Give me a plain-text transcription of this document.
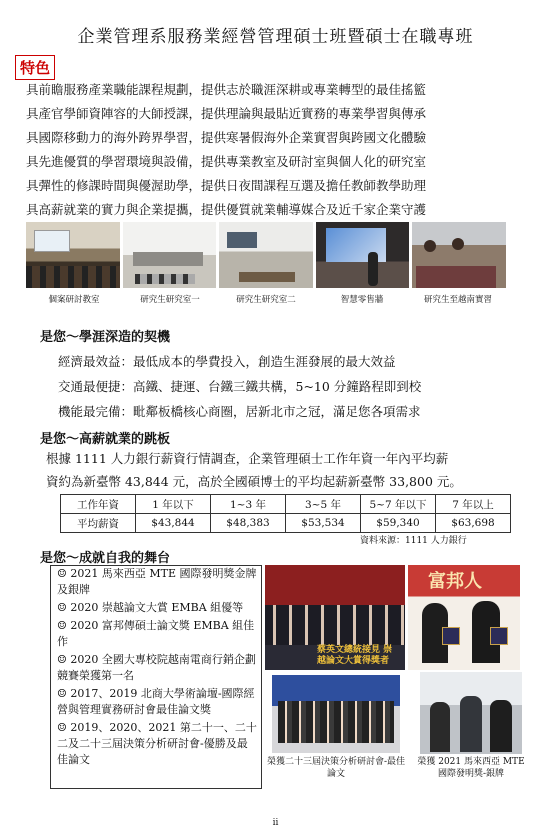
企業管理系服務業經營管理碩士班暨碩士在職專班
特色
具前瞻服務產業職能課程規劃，提供志於職涯深耕或專業轉型的最佳搖籃
具產官學師資陣容的大師授課，提供理論與最貼近實務的專業學習與傳承
具國際移動力的海外跨界學習，提供寒暑假海外企業實習與跨國文化體驗
具先進優質的學習環境與設備，提供專業教室及研討室與個人化的研究室
具彈性的修課時間與優渥助學，提供日夜間課程互選及擔任教師教學助理
具高薪就業的實力與企業提攜，提供優質就業輔導媒合及近千家企業守護
個案研討教室	研究生研究室一	研究生研究室二	智慧零售牆	研究生至越南實習
是您～學涯深造的契機
經濟最效益：最低成本的學費投入，創造生涯發展的最大效益
交通最便捷：高鐵、捷運、台鐵三鐵共構，5~10 分鐘路程即到校
機能最完備：毗鄰板橋核心商圈，居新北市之冠，滿足您各項需求
是您～高薪就業的跳板
根據 1111 人力銀行薪資行情調查，企業管理碩士工作年資一年內平均薪
資約為新臺幣 43,844 元，高於全國碩博士的平均起薪新臺幣 33,800 元。
工作年資	1 年以下	1~3 年	3~5 年	5~7 年以下	7 年以上
平均薪資	$43,844	$48,383	$53,534	$59,340	$63,698
資料來源：1111 人力銀行
是您～成就自我的舞台
☺ 2021 馬來西亞 MTE 國際發明獎金牌及銀牌
☺ 2020 崇越論文大賞 EMBA 組優等
☺ 2020 富邦傳碩士論文獎 EMBA 組佳作
☺ 2020 全國大專校院越南電商行銷企劃競賽榮獲第一名
☺ 2017、2019 北商大學術論壇-國際經營與管理實務研討會最佳論文獎
☺ 2019、2020、2021 第二十一、二十二及二十三屆決策分析研討會-優勝及最佳論文
蔡英文總統接見 崇越論文大賞得獎者
富邦人
榮獲二十三屆決策分析研討會-最佳論文
榮獲 2021 馬來西亞 MTE 國際發明獎-銀牌
ii
